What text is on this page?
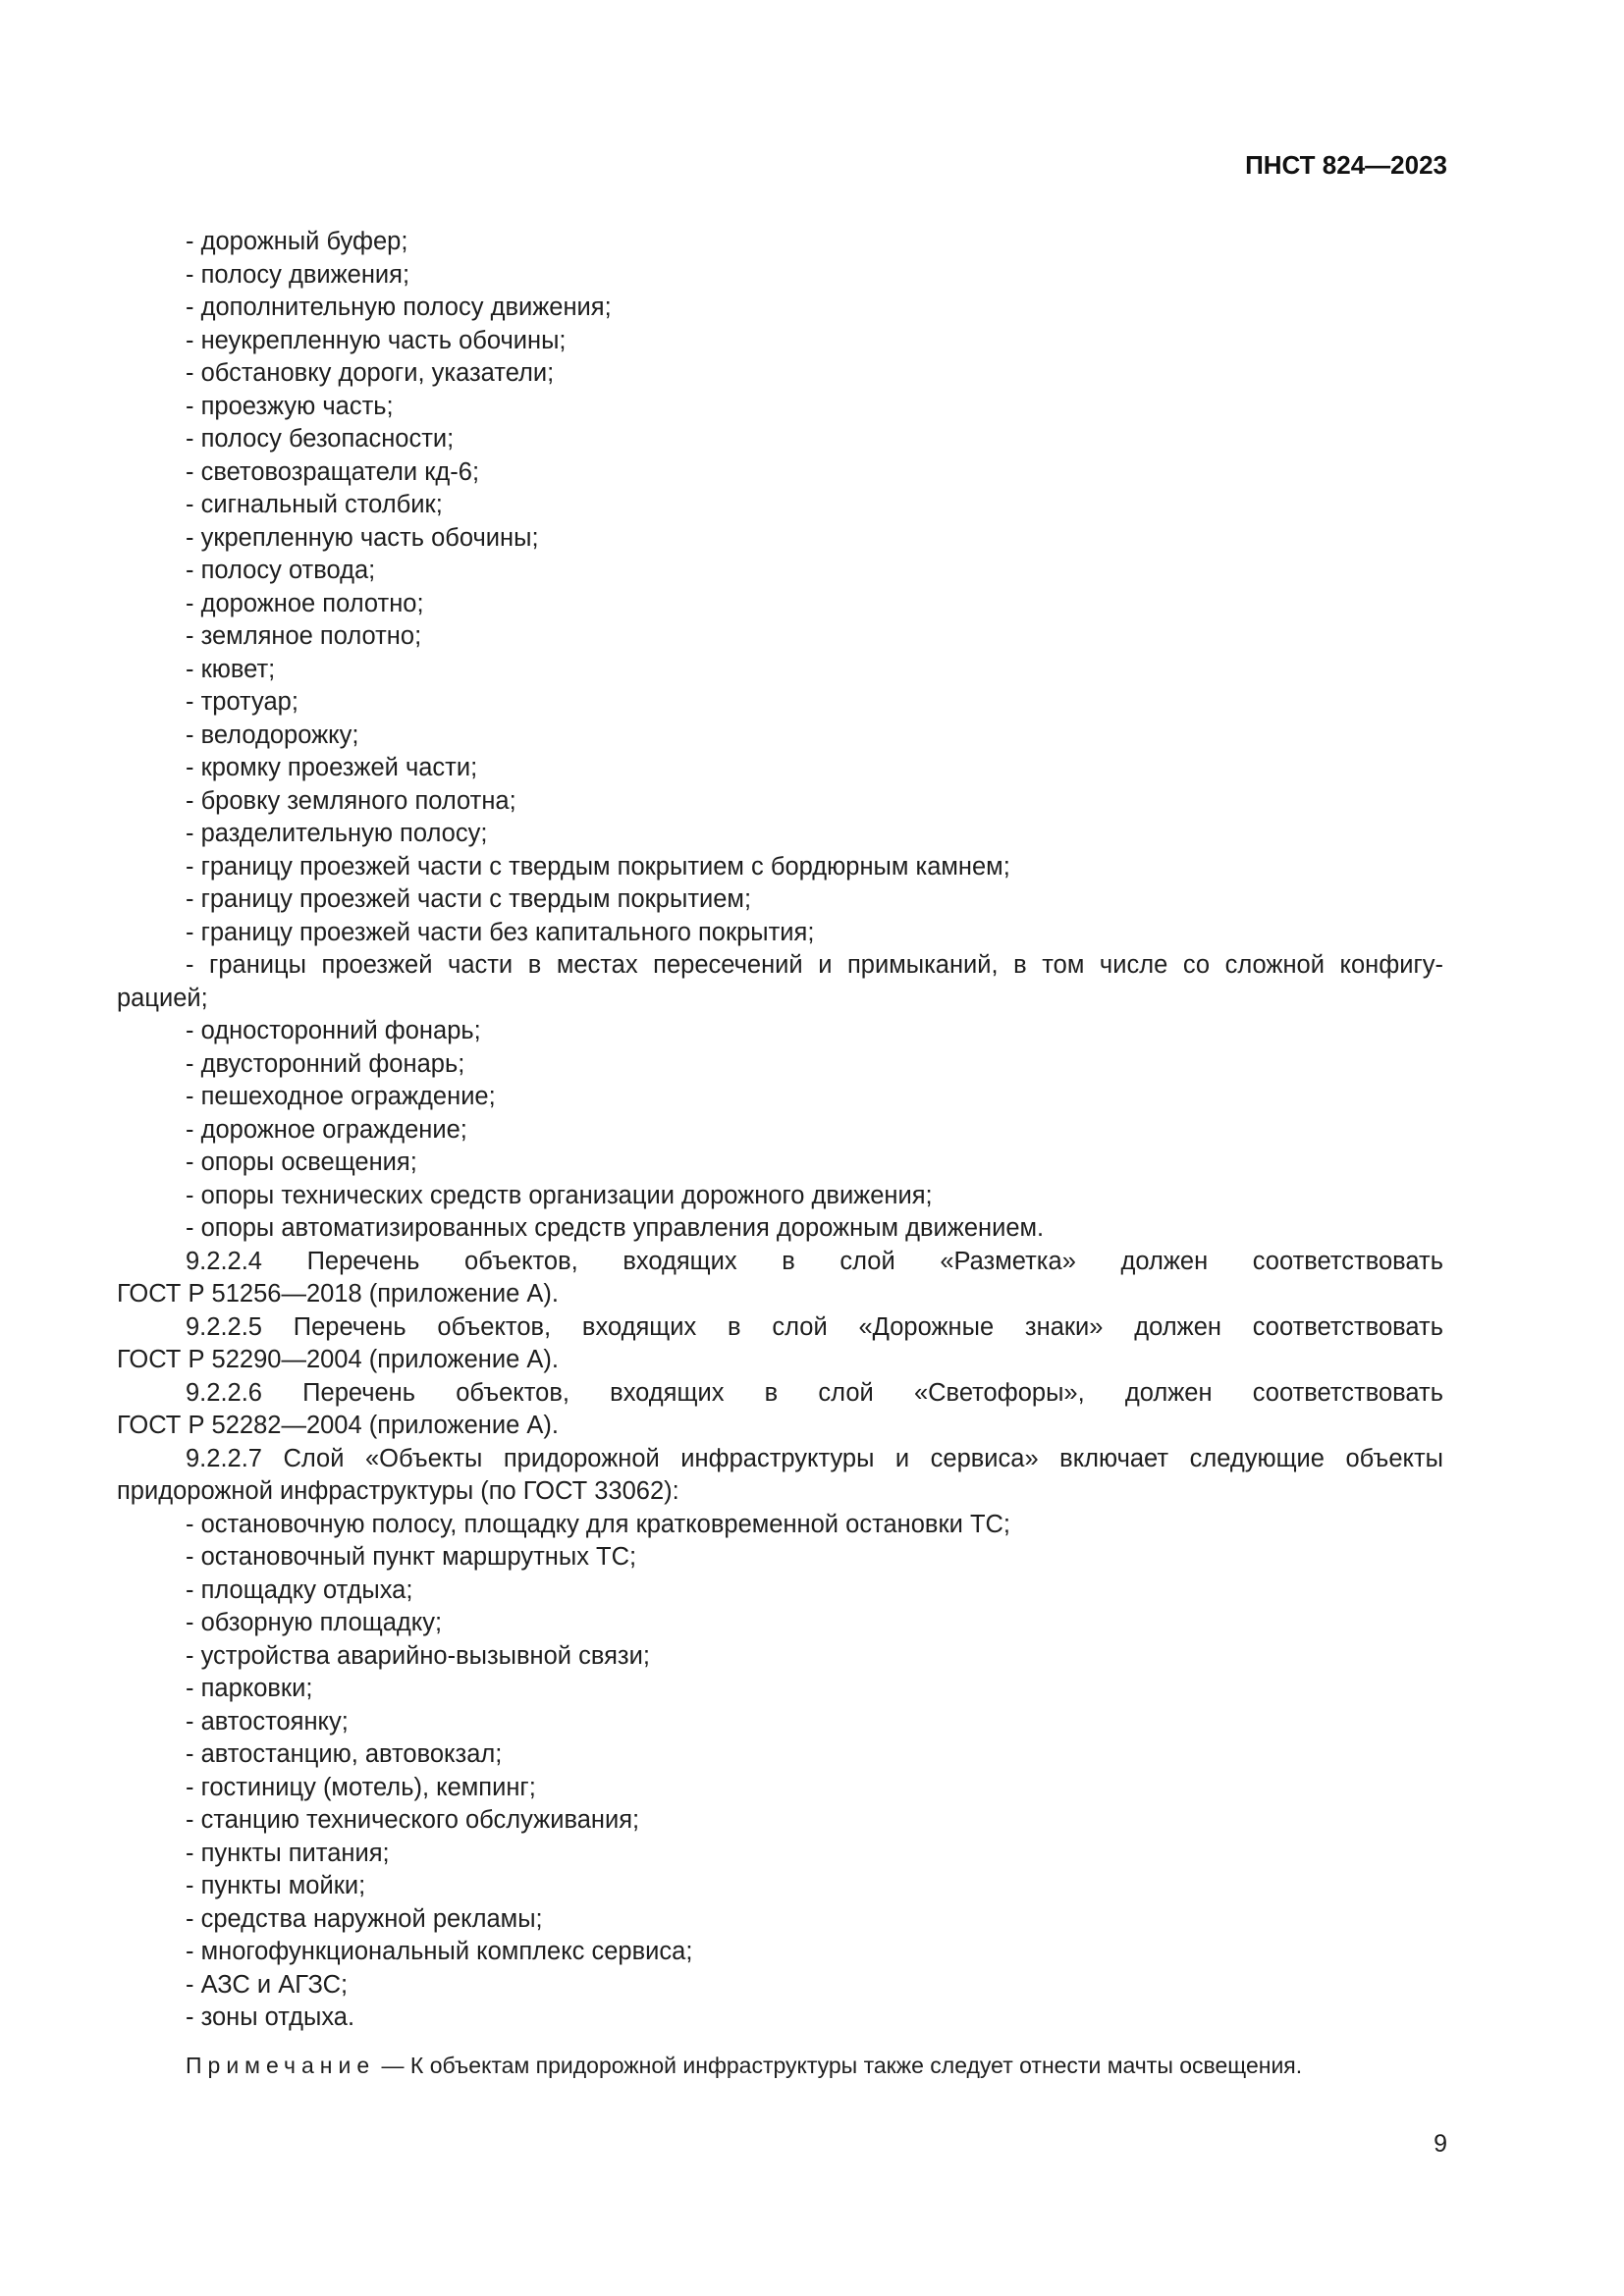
ПНСТ 824—2023

- дорожный буфер;

- полосу движения;

- дополнительную полосу движения;

- неукрепленную часть обочины;

- обстановку дороги, указатели;

- проезжую часть;

- полосу безопасности;

- световозращатели кд-6;

- сигнальный столбик;

- укрепленную часть обочины;

- полосу отвода;

- дорожное полотно;

- земляное полотно;

- кювет;

- тротуар;

- велодорожку;

- кромку проезжей части;

- бровку земляного полотна;

- разделительную полосу;

- границу проезжей части с твердым покрытием с бордюрным камнем;

- границу проезжей части с твердым покрытием;

- границу проезжей части без капитального покрытия;

- границы проезжей части в местах пересечений и примыканий, в том числе со сложной конфигу-

рацией;

- односторонний фонарь;

- двусторонний фонарь;

- пешеходное ограждение;

- дорожное ограждение;

- опоры освещения;

- опоры технических средств организации дорожного движения;

- опоры автоматизированных средств управления дорожным движением.

9.2.2.4 Перечень объектов, входящих в слой «Разметка» должен соответствовать

ГОСТ Р 51256—2018 (приложение А).

9.2.2.5 Перечень объектов, входящих в слой «Дорожные знаки» должен соответствовать

ГОСТ Р 52290—2004 (приложение А).

9.2.2.6 Перечень объектов, входящих в слой «Светофоры», должен соответствовать

ГОСТ Р 52282—2004 (приложение А).

9.2.2.7 Слой «Объекты придорожной инфраструктуры и сервиса» включает следующие объекты

придорожной инфраструктуры (по ГОСТ 33062):

- остановочную полосу, площадку для кратковременной остановки ТС;

- остановочный пункт маршрутных ТС;

- площадку отдыха;

- обзорную площадку;

- устройства аварийно-вызывной связи;

- парковки;

- автостоянку;

- автостанцию, автовокзал;

- гостиницу (мотель), кемпинг;

- станцию технического обслуживания;

- пункты питания;

- пункты мойки;

- средства наружной рекламы;

- многофункциональный комплекс сервиса;

- АЗС и АГЗС;

- зоны отдыха.

Примечание — К объектам придорожной инфраструктуры также следует отнести мачты освещения.

9
